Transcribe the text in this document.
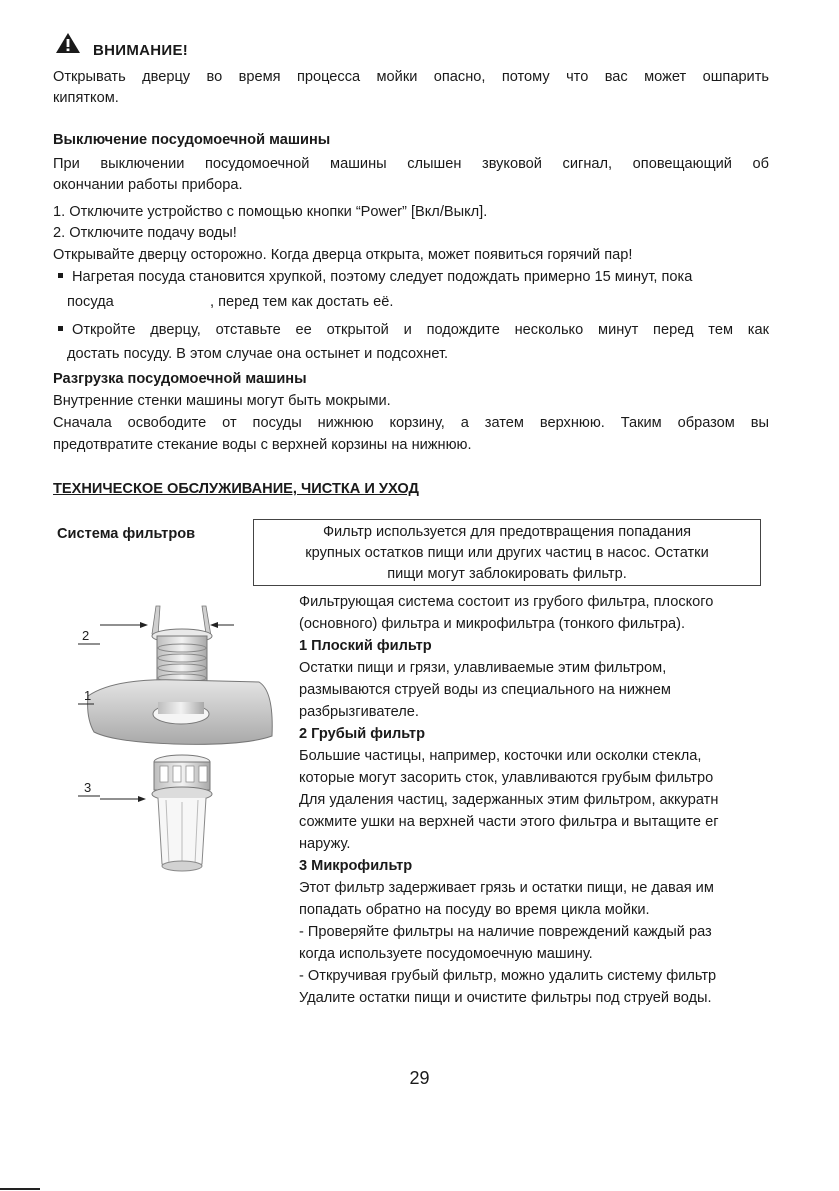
ВНИМАНИЕ!
Открывать дверцу во время процесса мойки опасно, потому что вас может ошпарить
кипятком.
Выключение посудомоечной машины
При выключении посудомоечной машины слышен звуковой сигнал, оповещающий об
окончании работы прибора.
1. Отключите устройство с помощью кнопки “Power” [Вкл/Выкл].
2. Отключите подачу воды!
Открывайте дверцу осторожно. Когда дверца открыта, может появиться горячий пар!
Нагретая посуда становится хрупкой, поэтому следует подождать примерно 15 минут, пока
посуда	, перед тем как достать её.
Откройте дверцу, отставьте ее открытой и подождите несколько минут перед тем как
достать посуду. В этом случае она остынет и подсохнет.
Разгрузка посудомоечной машины
Внутренние стенки машины могут быть мокрыми.
Сначала освободите от посуды нижнюю корзину, а затем верхнюю. Таким образом вы
предотвратите стекание воды с верхней корзины на нижнюю.
ТЕХНИЧЕСКОЕ ОБСЛУЖИВАНИЕ, ЧИСТКА И УХОД
Система фильтров	Фильтр используется для предотвращения попадания
крупных остатков пищи или других частиц в насос. Остатки
пищи могут заблокировать фильтр.
2
1
3
Фильтрующая система состоит из грубого фильтра, плоского
(основного) фильтра и микрофильтра (тонкого фильтра).
1 Плоский фильтр
Остатки пищи и грязи, улавливаемые этим фильтром,
размываются струей воды из специального на нижнем
разбрызгивателе.
2 Грубый фильтр
Большие частицы, например, косточки или осколки стекла,
которые могут засорить сток, улавливаются грубым фильтро
Для удаления частиц, задержанных этим фильтром, аккуратн
сожмите ушки на верхней части этого фильтра и вытащите ег
наружу.
3 Микрофильтр
Этот фильтр задерживает грязь и остатки пищи, не давая им
попадать обратно на посуду во время цикла мойки.
- Проверяйте фильтры на наличие повреждений каждый раз
когда используете посудомоечную машину.
- Откручивая грубый фильтр, можно удалить систему фильтр
Удалите остатки пищи и очистите фильтры под струей воды.
29
